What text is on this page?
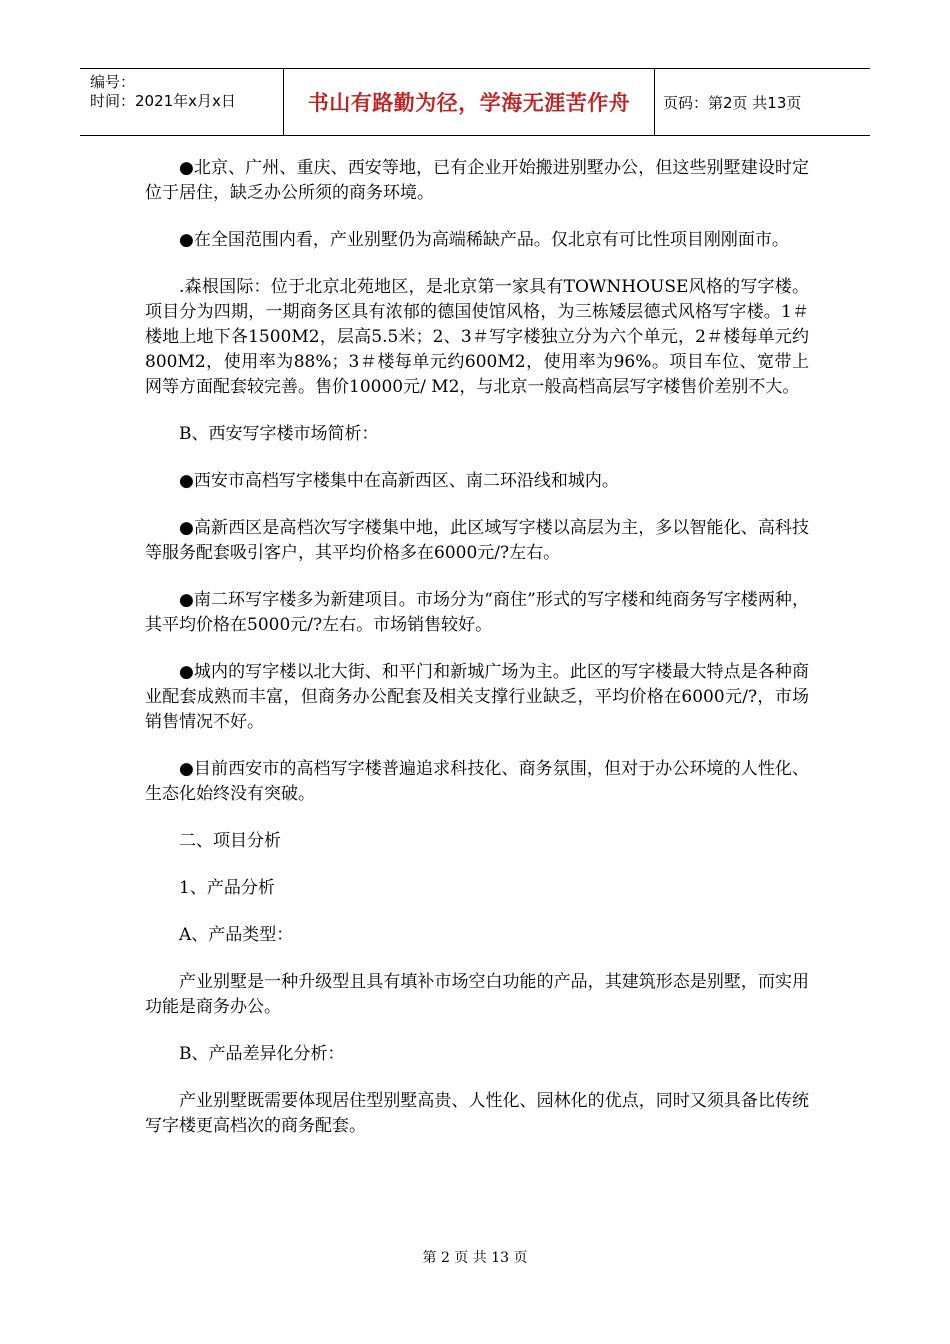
编号：
时间：2021年x月x日	书山有路勤为径，学海无涯苦作舟	页码：第2页 共13页

●北京、广州、重庆、西安等地，已有企业开始搬进别墅办公，但这些别墅建设时定位于居住，缺乏办公所须的商务环境。

●在全国范围内看，产业别墅仍为高端稀缺产品。仅北京有可比性项目刚刚面市。

.森根国际：位于北京北苑地区，是北京第一家具有TOWNHOUSE风格的写字楼。项目分为四期，一期商务区具有浓郁的德国使馆风格，为三栋矮层德式风格写字楼。1＃楼地上地下各1500M2，层高5.5米；2、3＃写字楼独立分为六个单元，2＃楼每单元约800M2，使用率为88%；3＃楼每单元约600M2，使用率为96%。项目车位、宽带上网等方面配套较完善。售价10000元/ M2，与北京一般高档高层写字楼售价差别不大。

B、西安写字楼市场简析：

●西安市高档写字楼集中在高新西区、南二环沿线和城内。

●高新西区是高档次写字楼集中地，此区域写字楼以高层为主，多以智能化、高科技等服务配套吸引客户，其平均价格多在6000元/?左右。

●南二环写字楼多为新建项目。市场分为“商住”形式的写字楼和纯商务写字楼两种，其平均价格在5000元/?左右。市场销售较好。

●城内的写字楼以北大街、和平门和新城广场为主。此区的写字楼最大特点是各种商业配套成熟而丰富，但商务办公配套及相关支撑行业缺乏，平均价格在6000元/?，市场销售情况不好。

●目前西安市的高档写字楼普遍追求科技化、商务氛围，但对于办公环境的人性化、生态化始终没有突破。

二、项目分析

1、产品分析

A、产品类型：

产业别墅是一种升级型且具有填补市场空白功能的产品，其建筑形态是别墅，而实用功能是商务办公。

B、产品差异化分析：

产业别墅既需要体现居住型别墅高贵、人性化、园林化的优点，同时又须具备比传统写字楼更高档次的商务配套。

第 2 页 共 13 页
